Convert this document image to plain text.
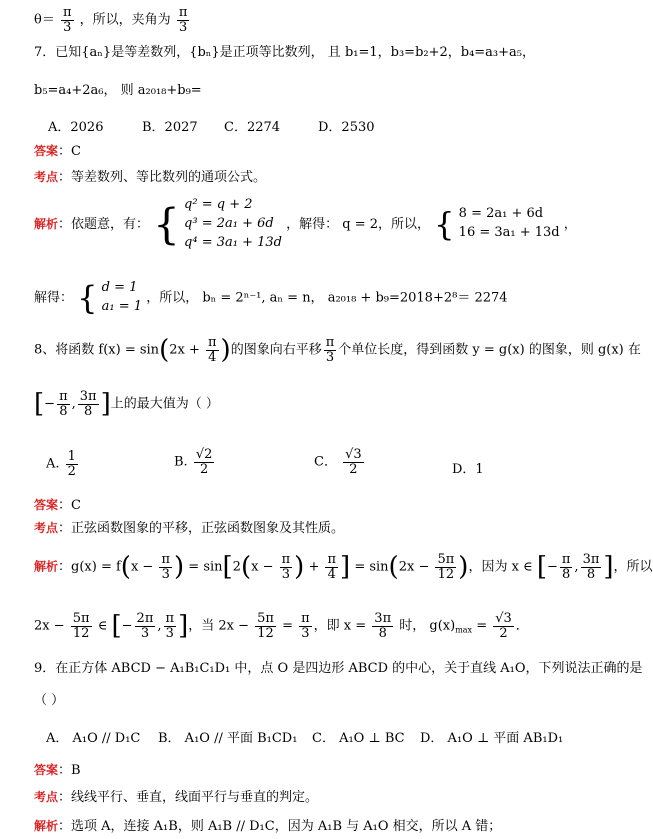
$\theta= \frac{\pi}{3}$ ，所以，夹角为 $\frac{\pi}{3}$
7．已知{aₙ}是等差数列，{bₙ}是正项等比数列， 且 b₁=1，b₃=b₂+2，b₄=a₃+a₅，
b₅=a₄+2a₆， 则 a₂₀₁₈+b₉=
A．2026	B．2027 C．2274	D．2530
答案：C
考点：等差数列、等比数列的通项公式。
解析：依题意，有： { q² = q + 2
q³ = 2a₁ + 6d
q⁴ = 3a₁ + 13d
，解得： q = 2，所以， { 8 = 2a₁ + 6d
16 = 3a₁ + 13d
，
解得： { d = 1
a₁ = 1
，所以， bₙ = 2ⁿ⁻¹, aₙ = n， a₂₀₁₈ + b₉=2018+2⁸＝ 2274
8、将函数 $f(x) = \sin(2x + \frac{\pi}{4}$ )的图象向右平移 $\frac{\pi}{3}$ 个单位长度，得到函数 y = g(x) 的图象，则 g(x) 在
[− $\frac{\pi}{8}$ , $\frac{3\pi}{8}$ ]上的最大值为（ ）
A. $\frac{1}{2}$	B. $\frac{√2}{2}$	C． $\frac{√3}{2}$	D．1
答案：C
考点：正弦函数图象的平移，正弦函数图象及其性质。
解析：$g(x) = f(x - \frac{\pi}{3}$ ) = $\sin[2(x - \frac{\pi}{3}$ ) + $\frac{\pi}{4}$ ] = $\sin(2x - \frac{5\pi}{12}$ )，因为 x ∈ [− $\frac{\pi}{8}$ , $\frac{3\pi}{8}$ ]，所以
$2x - \frac{5\pi}{12}$ ∈ [− $\frac{2\pi}{3}$ , $\frac{\pi}{3}$ ]，当 $2x - \frac{5\pi}{12} = \frac{\pi}{3}$ ，即 $x = \frac{3\pi}{8}$ 时， $g(x)_{max} = \frac{√3}{2}$ ．
9．在正方体 ABCD − A₁B₁C₁D₁ 中，点 O 是四边形 ABCD 的中心，关于直线 A₁O，下列说法正确的是
（ ）
A． A₁O // D₁C B． A₁O // 平面 B₁CD₁ C． A₁O ⊥ BC D． A₁O ⊥ 平面 AB₁D₁
答案：B
考点：线线平行、垂直，线面平行与垂直的判定。
解析：选项 A，连接 A₁B，则 A₁B // D₁C，因为 A₁B 与 A₁O 相交，所以 A 错；
